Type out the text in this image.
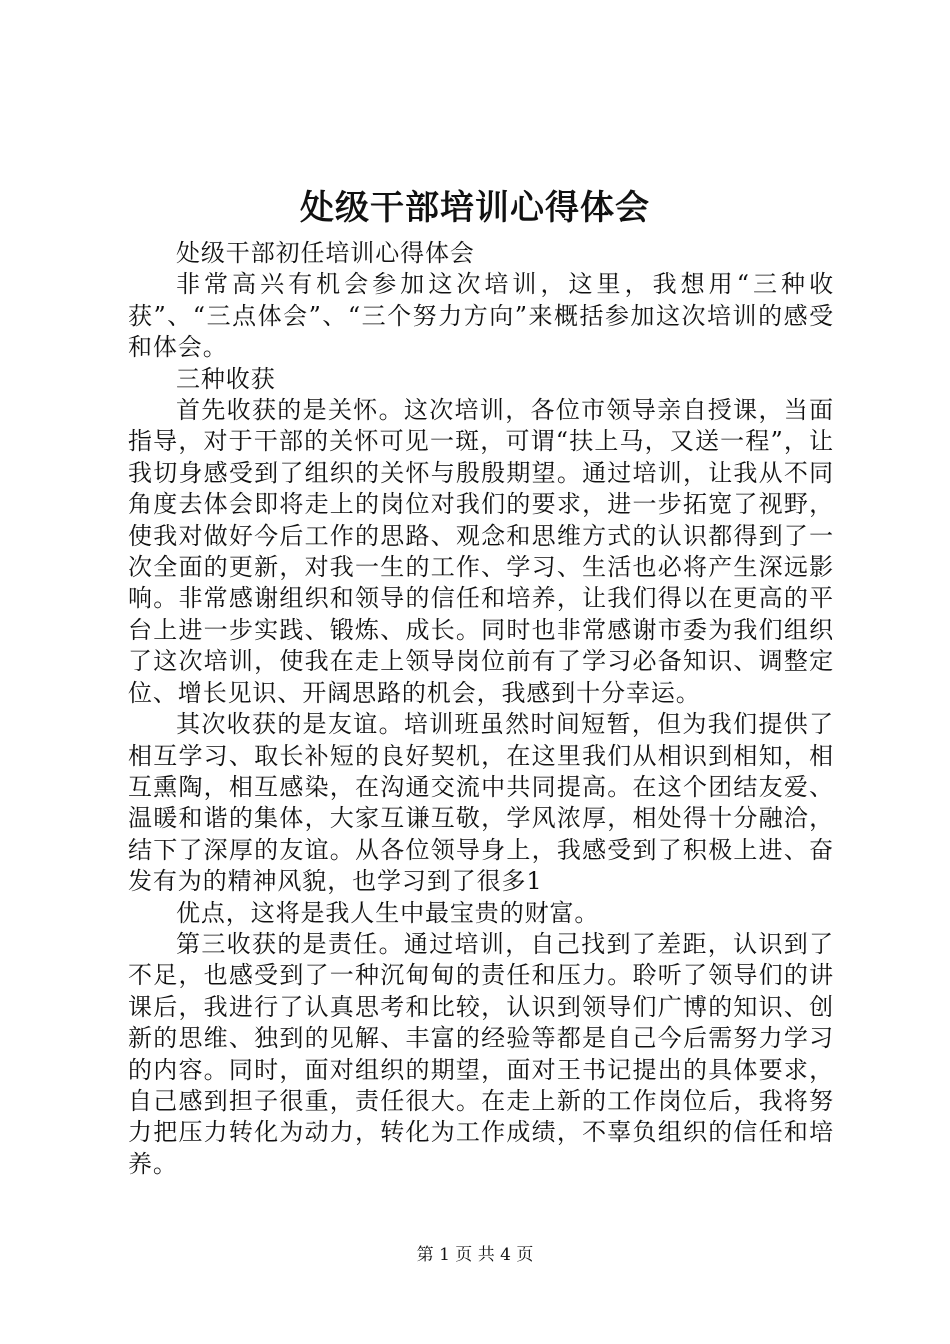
处级干部培训心得体会

处级干部初任培训心得体会

非常高兴有机会参加这次培训，这里，我想用“三种收获”、“三点体会”、“三个努力方向”来概括参加这次培训的感受和体会。

三种收获

首先收获的是关怀。这次培训，各位市领导亲自授课，当面指导，对于干部的关怀可见一斑，可谓“扶上马，又送一程”，让我切身感受到了组织的关怀与殷殷期望。通过培训，让我从不同角度去体会即将走上的岗位对我们的要求，进一步拓宽了视野，使我对做好今后工作的思路、观念和思维方式的认识都得到了一次全面的更新，对我一生的工作、学习、生活也必将产生深远影响。非常感谢组织和领导的信任和培养，让我们得以在更高的平台上进一步实践、锻炼、成长。同时也非常感谢市委为我们组织了这次培训，使我在走上领导岗位前有了学习必备知识、调整定位、增长见识、开阔思路的机会，我感到十分幸运。

其次收获的是友谊。培训班虽然时间短暂，但为我们提供了相互学习、取长补短的良好契机，在这里我们从相识到相知，相互熏陶，相互感染，在沟通交流中共同提高。在这个团结友爱、温暖和谐的集体，大家互谦互敬，学风浓厚，相处得十分融洽，结下了深厚的友谊。从各位领导身上，我感受到了积极上进、奋发有为的精神风貌，也学习到了很多1

优点，这将是我人生中最宝贵的财富。

第三收获的是责任。通过培训，自己找到了差距，认识到了不足，也感受到了一种沉甸甸的责任和压力。聆听了领导们的讲课后，我进行了认真思考和比较，认识到领导们广博的知识、创新的思维、独到的见解、丰富的经验等都是自己今后需努力学习的内容。同时，面对组织的期望，面对王书记提出的具体要求，自己感到担子很重，责任很大。在走上新的工作岗位后，我将努力把压力转化为动力，转化为工作成绩，不辜负组织的信任和培养。

第 1 页 共 4 页
